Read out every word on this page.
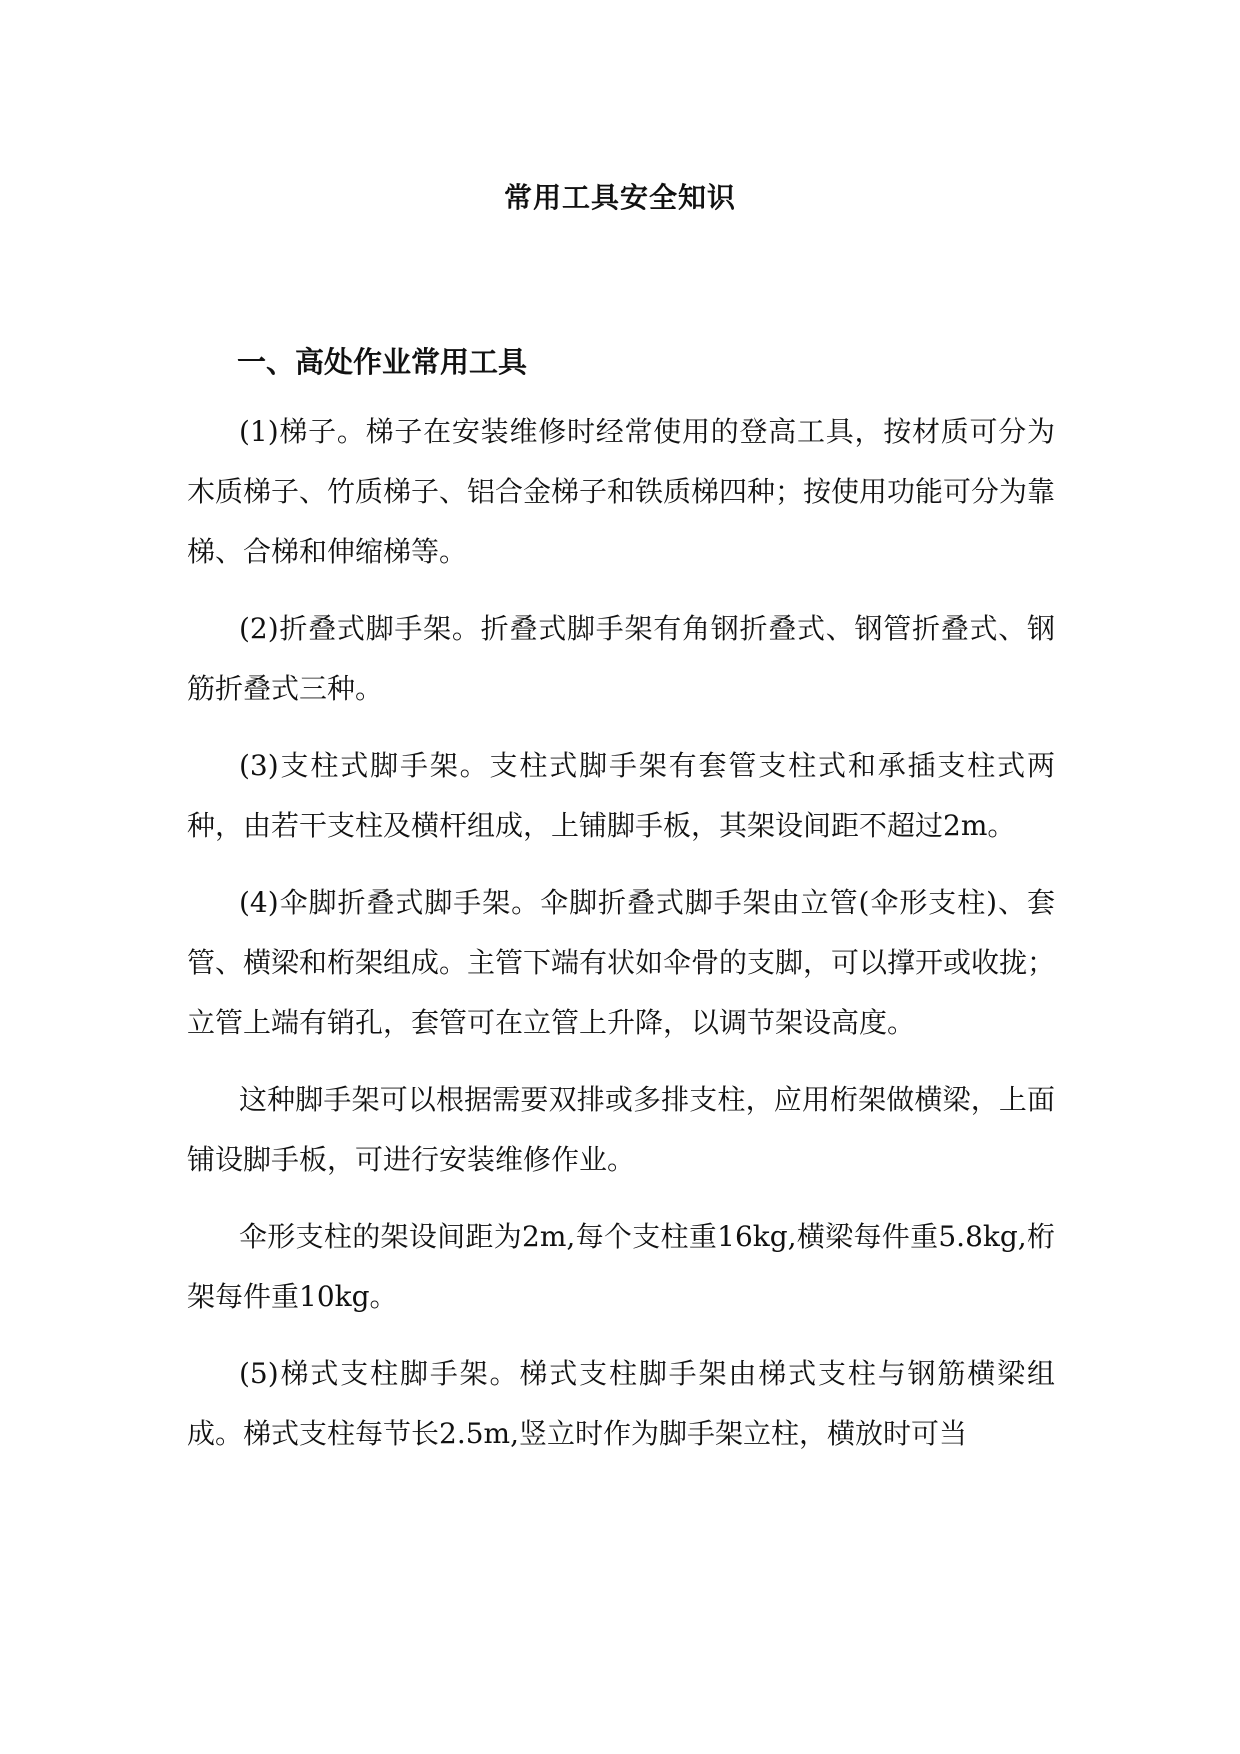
常用工具安全知识
一、高处作业常用工具

(1)梯子。梯子在安装维修时经常使用的登高工具，按材质可分为木质梯子、竹质梯子、铝合金梯子和铁质梯四种；按使用功能可分为靠梯、合梯和伸缩梯等。

(2)折叠式脚手架。折叠式脚手架有角钢折叠式、钢管折叠式、钢筋折叠式三种。

(3)支柱式脚手架。支柱式脚手架有套管支柱式和承插支柱式两种，由若干支柱及横杆组成，上铺脚手板，其架设间距不超过2m。

(4)伞脚折叠式脚手架。伞脚折叠式脚手架由立管(伞形支柱)、套管、横梁和桁架组成。主管下端有状如伞骨的支脚，可以撑开或收拢；立管上端有销孔，套管可在立管上升降，以调节架设高度。

这种脚手架可以根据需要双排或多排支柱，应用桁架做横梁，上面铺设脚手板，可进行安装维修作业。

伞形支柱的架设间距为2m,每个支柱重16kg,横梁每件重5.8kg,桁架每件重10kg。

(5)梯式支柱脚手架。梯式支柱脚手架由梯式支柱与钢筋横梁组成。梯式支柱每节长2.5m,竖立时作为脚手架立柱，横放时可当
